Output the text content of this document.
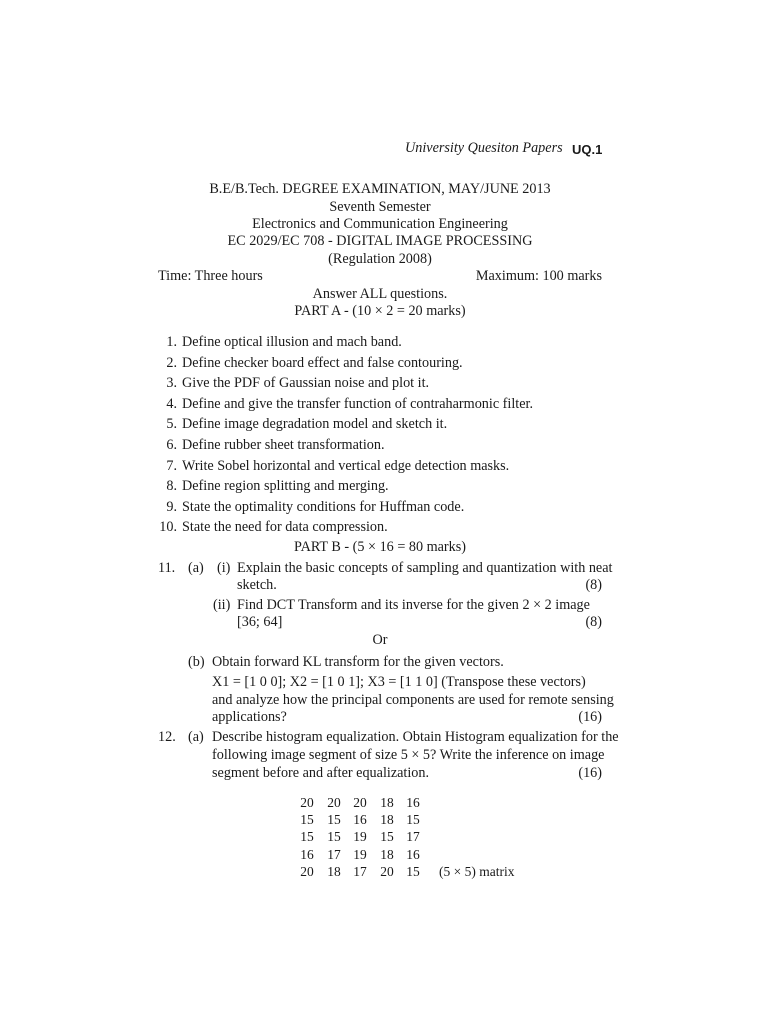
University Quesiton Papers UQ.1
B.E/B.Tech. DEGREE EXAMINATION, MAY/JUNE 2013
Seventh Semester
Electronics and Communication Engineering
EC 2029/EC 708 - DIGITAL IMAGE PROCESSING
(Regulation 2008)
Time: Three hours	Maximum: 100 marks
Answer ALL questions.
PART A - (10 × 2 = 20 marks)
1. Define optical illusion and mach band.
2. Define checker board effect and false contouring.
3. Give the PDF of Gaussian noise and plot it.
4. Define and give the transfer function of contraharmonic filter.
5. Define image degradation model and sketch it.
6. Define rubber sheet transformation.
7. Write Sobel horizontal and vertical edge detection masks.
8. Define region splitting and merging.
9. State the optimality conditions for Huffman code.
10. State the need for data compression.
PART B - (5 × 16 = 80 marks)
11. (a) (i) Explain the basic concepts of sampling and quantization with neat
sketch.	(8)
(ii) Find DCT Transform and its inverse for the given 2 × 2 image
[36; 64]	(8)
Or
(b) Obtain forward KL transform for the given vectors.
X1 = [1 0 0]; X2 = [1 0 1]; X3 = [1 1 0] (Transpose these vectors)
and analyze how the principal components are used for remote sensing
applications?	(16)
12. (a) Describe histogram equalization. Obtain Histogram equalization for the
following image segment of size 5 × 5? Write the inference on image
segment before and after equalization.	(16)
20	20 20	18 16
15	15 16	18 15
15	15 19	15 17
16	17 19	18 16
20	18 17	20 15	(5 × 5) matrix
